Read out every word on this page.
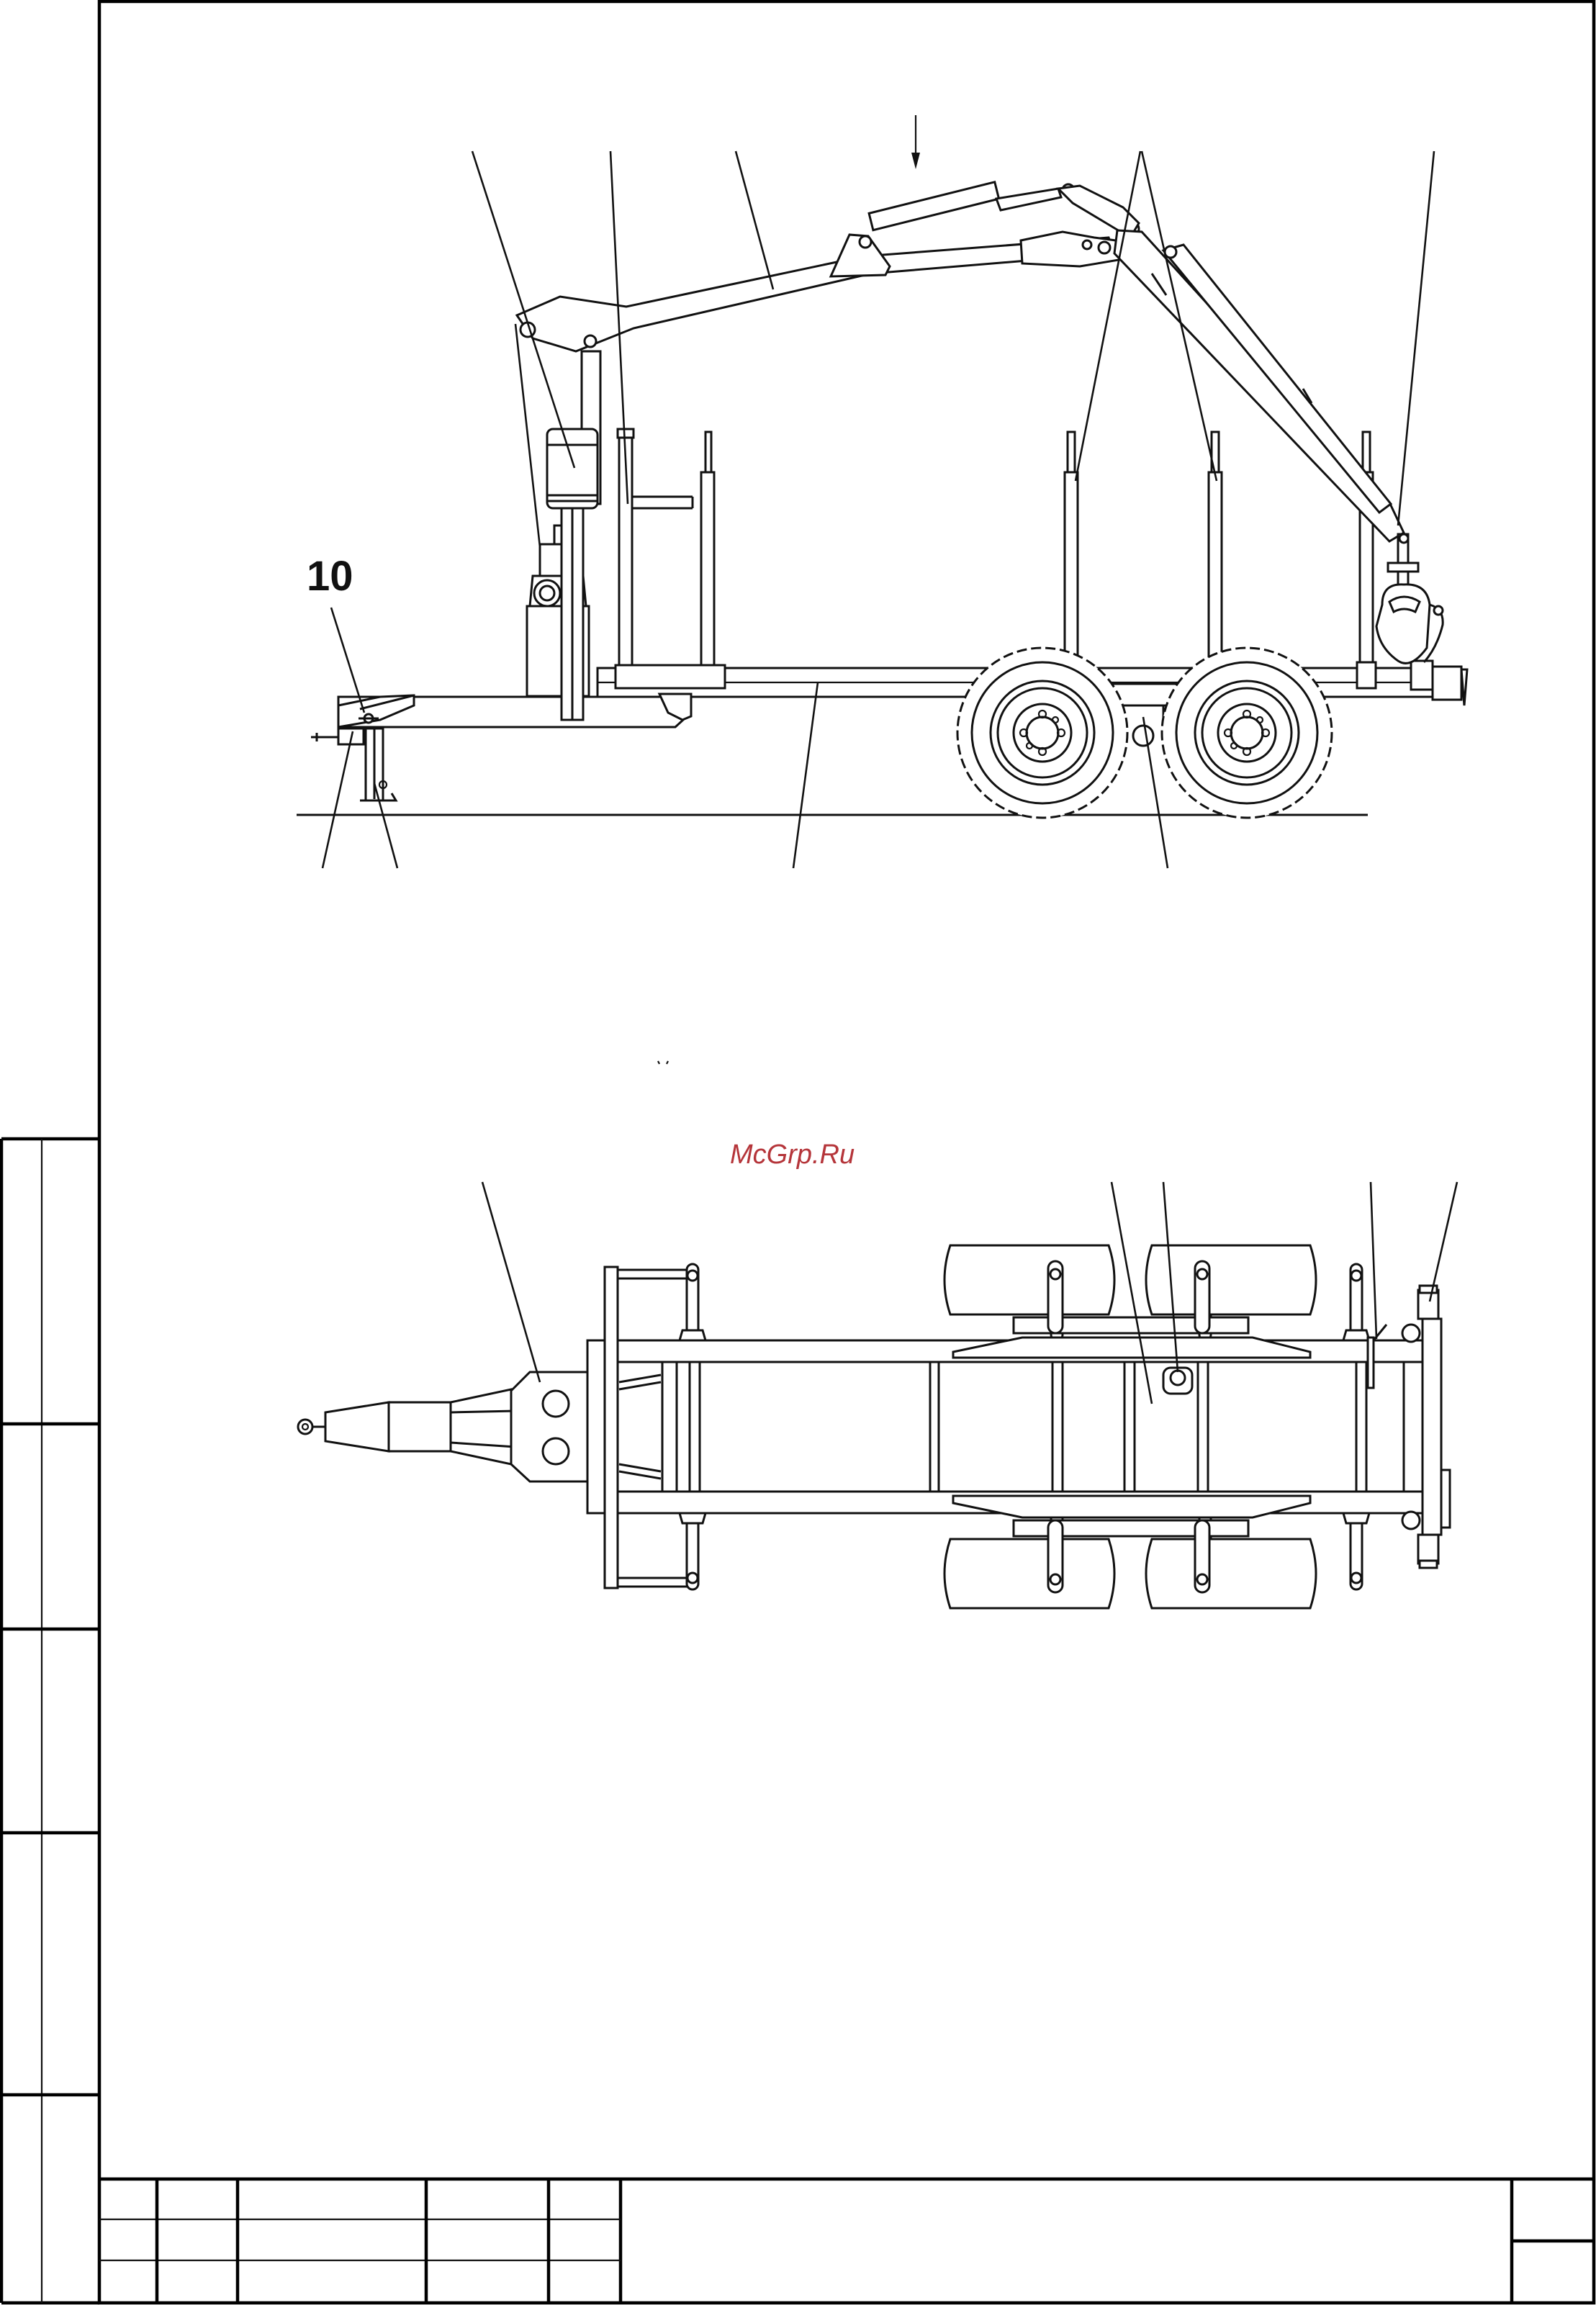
10
McGrp.Ru
